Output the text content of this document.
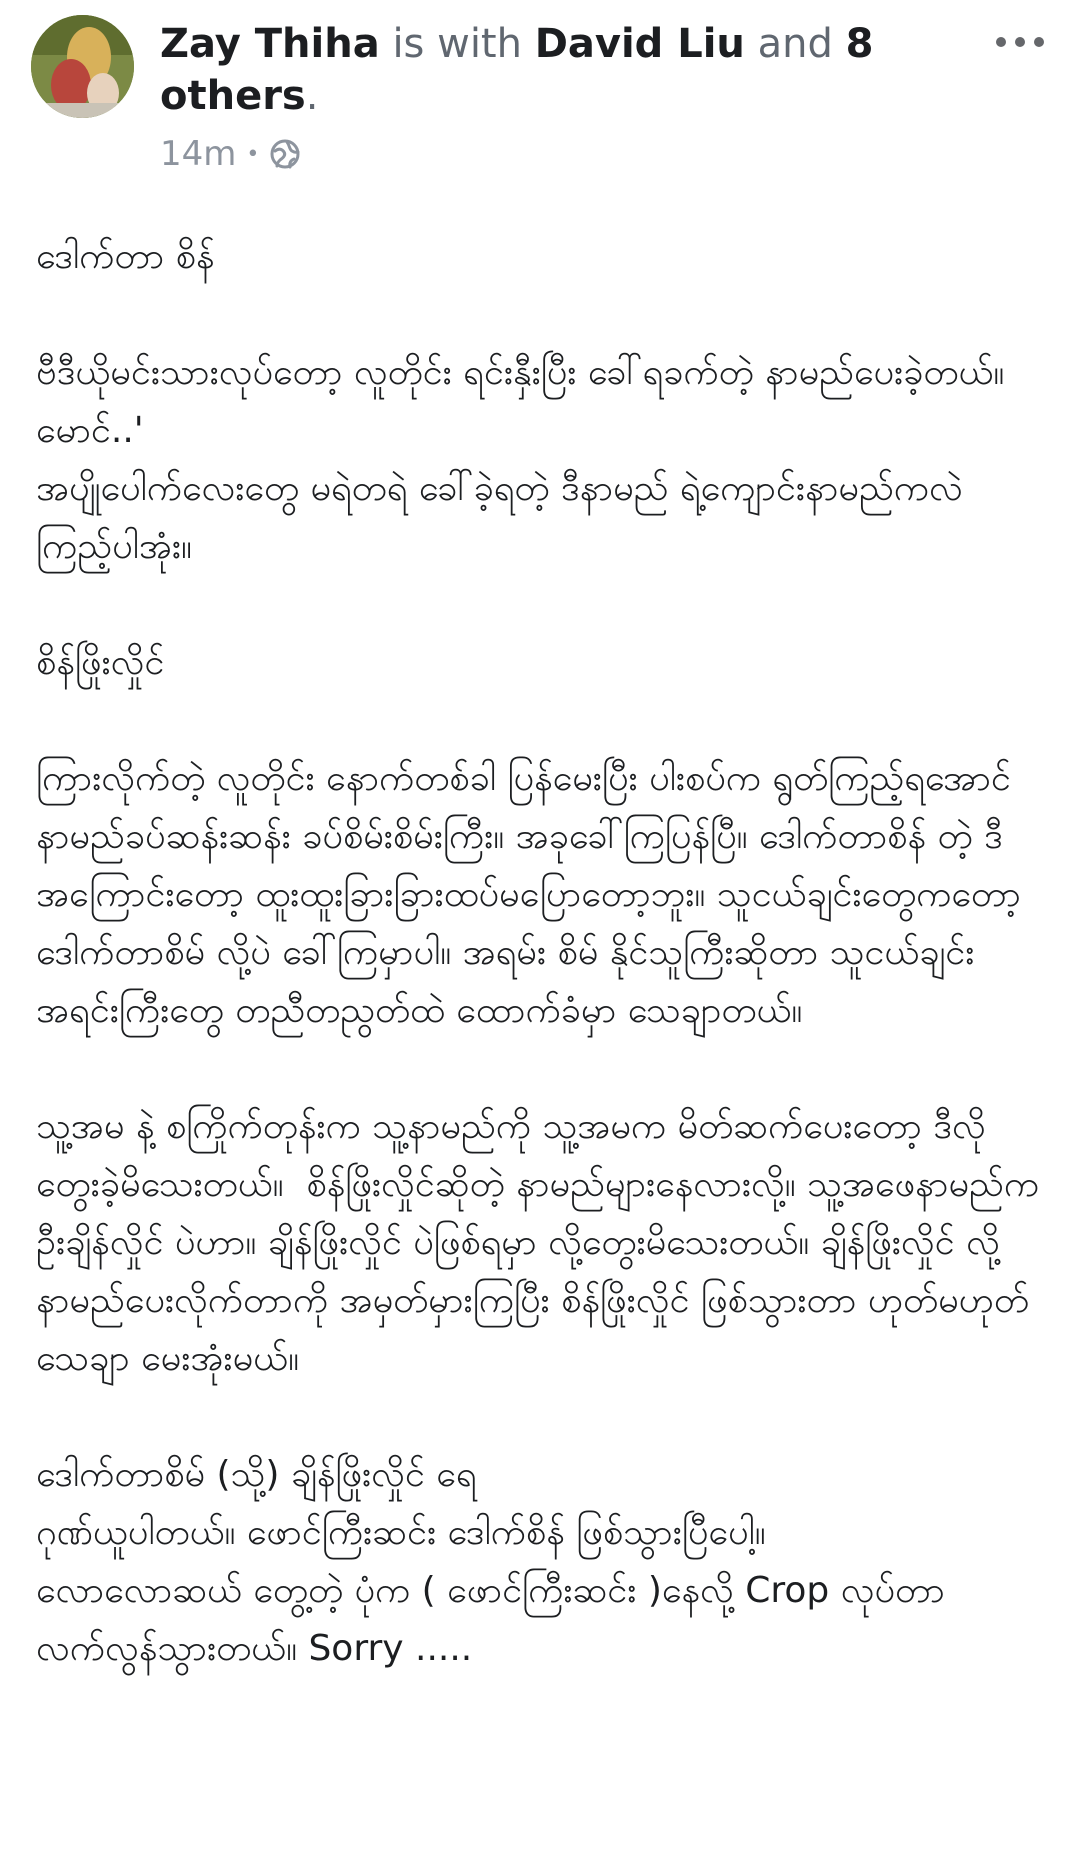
Zay Thiha is with David Liu and 8 others.
14m •

ဒေါက်တာ စိန်

ဗီဒီယိုမင်းသားလုပ်တော့ လူတိုင်း ရင်းနှီးပြီး ခေါ်ရခက်တဲ့ နာမည်ပေးခဲ့တယ်။  မောင်..'
အပျိုပေါက်လေးတွေ မရဲတရဲ ခေါ်ခဲ့ရတဲ့ ဒီနာမည် ရဲ့ကျောင်းနာမည်ကလဲ ကြည့်ပါအုံး။

စိန်ဖြိုးလှိုင်

ကြားလိုက်တဲ့ လူတိုင်း နောက်တစ်ခါ ပြန်မေးပြီး ပါးစပ်က ရွတ်ကြည့်ရအောင် နာမည်ခပ်ဆန်းဆန်း ခပ်စိမ်းစိမ်းကြီး။ အခုခေါ်ကြပြန်ပြီ။ ဒေါက်တာစိန် တဲ့ ဒီအကြောင်းတော့ ထူးထူးခြားခြားထပ်မပြောတော့ဘူး။ သူငယ်ချင်းတွေကတော့ ဒေါက်တာစိမ် လို့ပဲ ခေါ်ကြမှာပါ။ အရမ်း စိမ် နိုင်သူကြီးဆိုတာ သူငယ်ချင်းအရင်းကြီးတွေ တညီတညွတ်ထဲ ထောက်ခံမှာ သေချာတယ်။

သူ့အမ နဲ့ စကြိုက်တုန်းက သူ့နာမည်ကို သူ့အမက မိတ်ဆက်ပေးတော့ ဒီလို တွေးခဲ့မိသေးတယ်။  စိန်ဖြိုးလှိုင်ဆိုတဲ့ နာမည်များနေလားလို့။ သူ့အဖေနာမည်က  ဦးချိန်လှိုင် ပဲဟာ။ ချိန်ဖြိုးလှိုင် ပဲဖြစ်ရမှာ လို့တွေးမိသေးတယ်။ ချိန်ဖြိုးလှိုင် လို့ နာမည်ပေးလိုက်တာကို အမှတ်မှားကြပြီး စိန်ဖြိုးလှိုင် ဖြစ်သွားတာ ဟုတ်မဟုတ် သေချာ မေးအုံးမယ်။

ဒေါက်တာစိမ် (သို့) ချိန်ဖြိုးလှိုင် ရေ
ဂုဏ်ယူပါတယ်။ ဖောင်ကြီးဆင်း ဒေါက်စိန် ဖြစ်သွားပြီပေါ့။
လောလောဆယ် တွေ့တဲ့ ပုံက ( ဖောင်ကြီးဆင်း )နေလို့ Crop လုပ်တာ လက်လွန်သွားတယ်။ Sorry .....
